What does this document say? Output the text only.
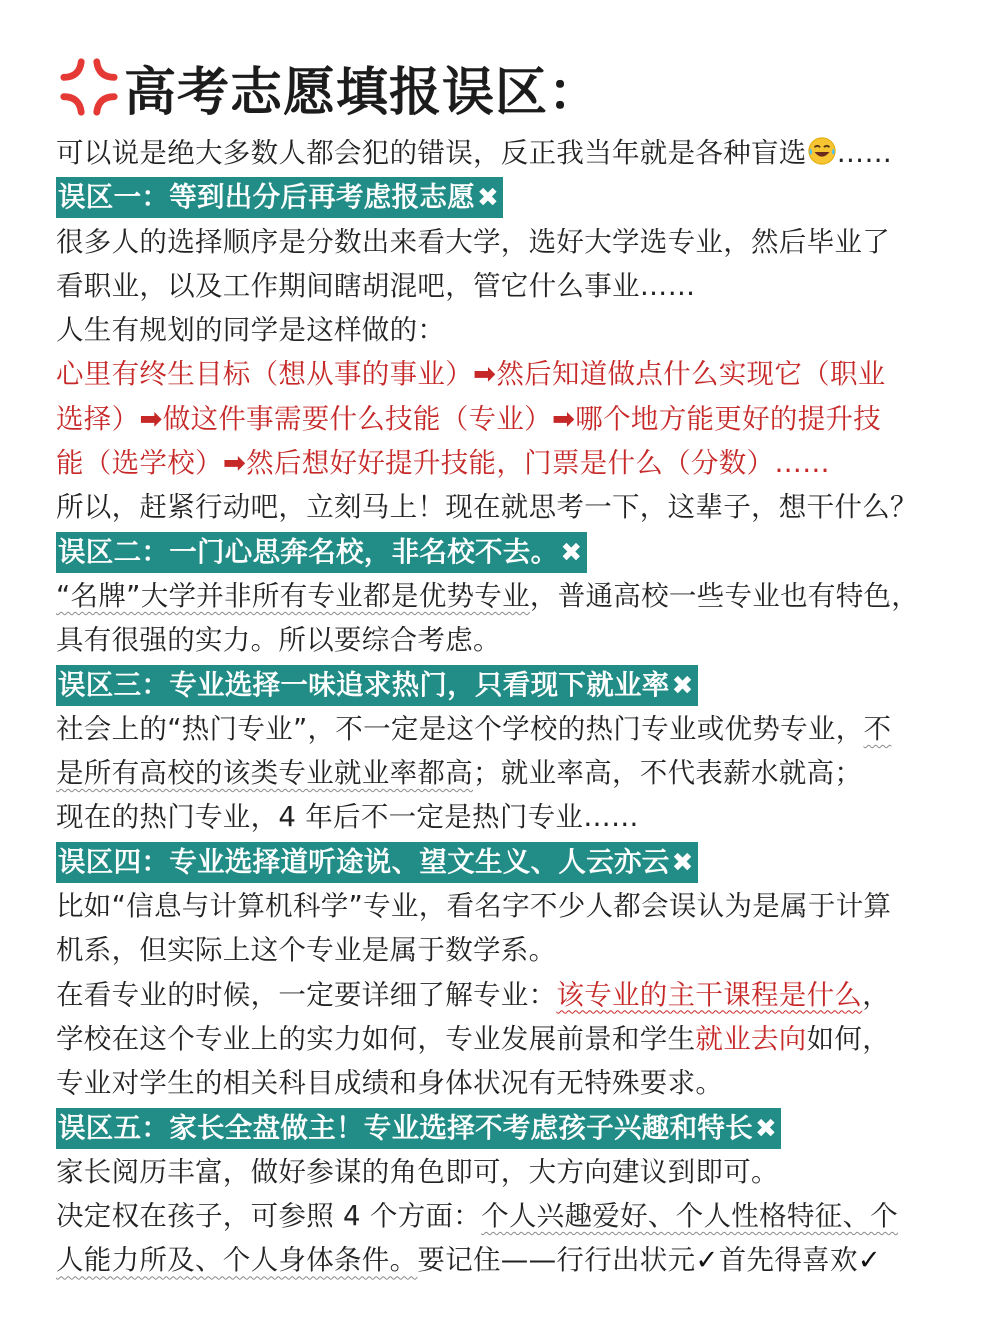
高考志愿填报误区：
可以说是绝大多数人都会犯的错误，反正我当年就是各种盲选 ……
误区一：等到出分后再考虑报志愿✖
很多人的选择顺序是分数出来看大学，选好大学选专业，然后毕业了
看职业，以及工作期间瞎胡混吧，管它什么事业……
人生有规划的同学是这样做的：
心里有终生目标（想从事的事业）➡然后知道做点什么实现它（职业
选择）➡做这件事需要什么技能（专业）➡哪个地方能更好的提升技
能（选学校）➡然后想好好提升技能，门票是什么（分数）……
所以，赶紧行动吧，立刻马上！现在就思考一下，这辈子，想干什么？
误区二：一门心思奔名校，非名校不去。✖
“名牌”大学并非所有专业都是优势专业，普通高校一些专业也有特色，
具有很强的实力。所以要综合考虑。
误区三：专业选择一味追求热门，只看现下就业率✖
社会上的“热门专业”，不一定是这个学校的热门专业或优势专业，不
是所有高校的该类专业就业率都高；就业率高，不代表薪水就高；
现在的热门专业，4 年后不一定是热门专业……
误区四：专业选择道听途说、望文生义、人云亦云✖
比如“信息与计算机科学”专业，看名字不少人都会误认为是属于计算
机系，但实际上这个专业是属于数学系。
在看专业的时候，一定要详细了解专业：该专业的主干课程是什么，
学校在这个专业上的实力如何，专业发展前景和学生就业去向如何，
专业对学生的相关科目成绩和身体状况有无特殊要求。
误区五：家长全盘做主！专业选择不考虑孩子兴趣和特长✖
家长阅历丰富，做好参谋的角色即可，大方向建议到即可。
决定权在孩子，可参照 4 个方面：个人兴趣爱好、个人性格特征、个
人能力所及、个人身体条件。要记住——行行出状元✓首先得喜欢✓
